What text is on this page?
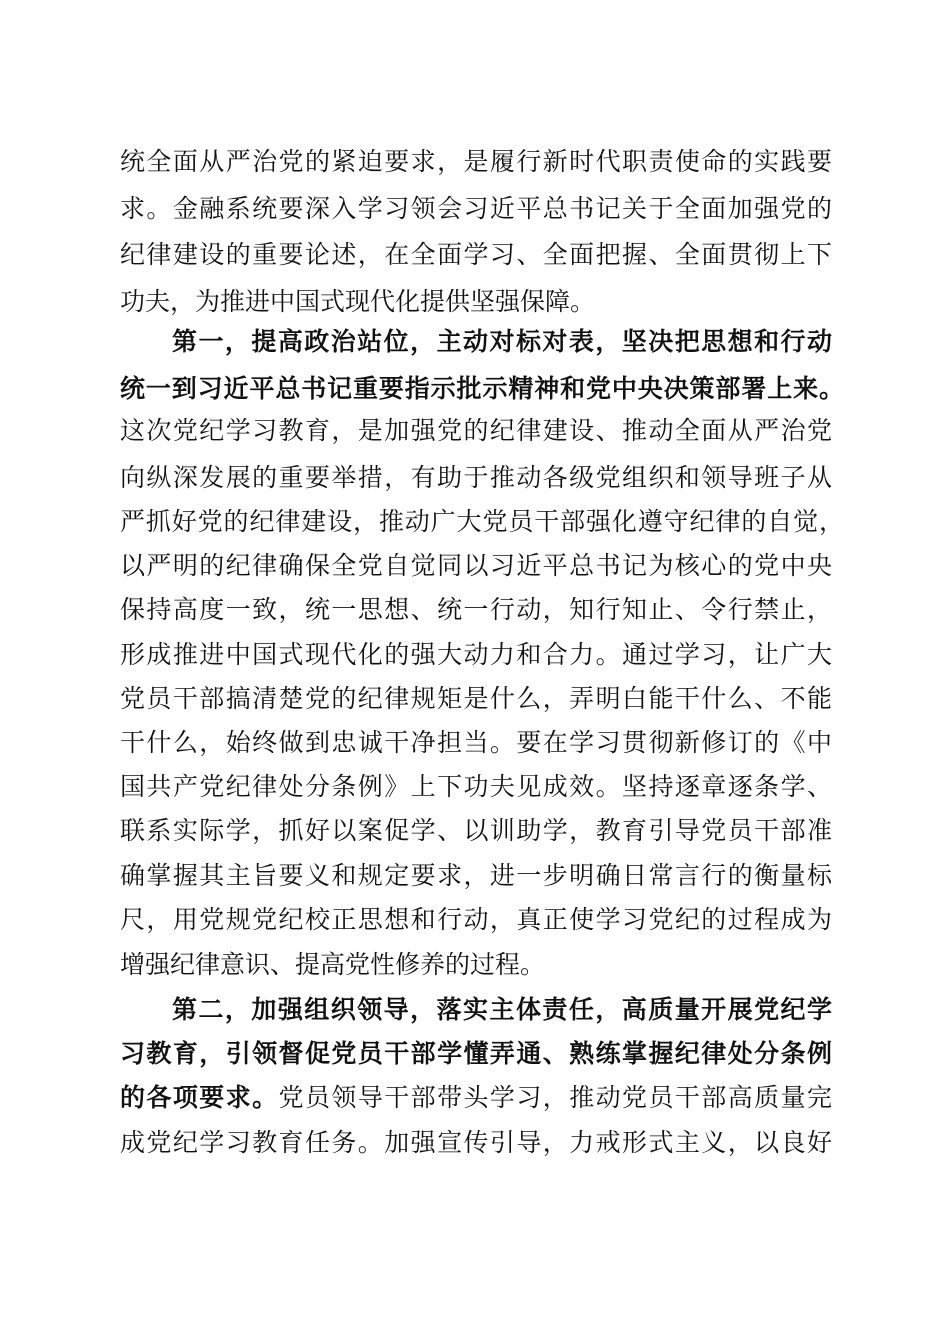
统全面从严治党的紧迫要求，是履行新时代职责使命的实践要
求。金融系统要深入学习领会习近平总书记关于全面加强党的
纪律建设的重要论述，在全面学习、全面把握、全面贯彻上下
功夫，为推进中国式现代化提供坚强保障。
第一，提高政治站位，主动对标对表，坚决把思想和行动
统一到习近平总书记重要指示批示精神和党中央决策部署上来。
这次党纪学习教育，是加强党的纪律建设、推动全面从严治党
向纵深发展的重要举措，有助于推动各级党组织和领导班子从
严抓好党的纪律建设，推动广大党员干部强化遵守纪律的自觉，
以严明的纪律确保全党自觉同以习近平总书记为核心的党中央
保持高度一致，统一思想、统一行动，知行知止、令行禁止，
形成推进中国式现代化的强大动力和合力。通过学习，让广大
党员干部搞清楚党的纪律规矩是什么，弄明白能干什么、不能
干什么，始终做到忠诚干净担当。要在学习贯彻新修订的《中
国共产党纪律处分条例》上下功夫见成效。坚持逐章逐条学、
联系实际学，抓好以案促学、以训助学，教育引导党员干部准
确掌握其主旨要义和规定要求，进一步明确日常言行的衡量标
尺，用党规党纪校正思想和行动，真正使学习党纪的过程成为
增强纪律意识、提高党性修养的过程。
第二，加强组织领导，落实主体责任，高质量开展党纪学
习教育，引领督促党员干部学懂弄通、熟练掌握纪律处分条例
的各项要求。党员领导干部带头学习，推动党员干部高质量完
成党纪学习教育任务。加强宣传引导，力戒形式主义，以良好
